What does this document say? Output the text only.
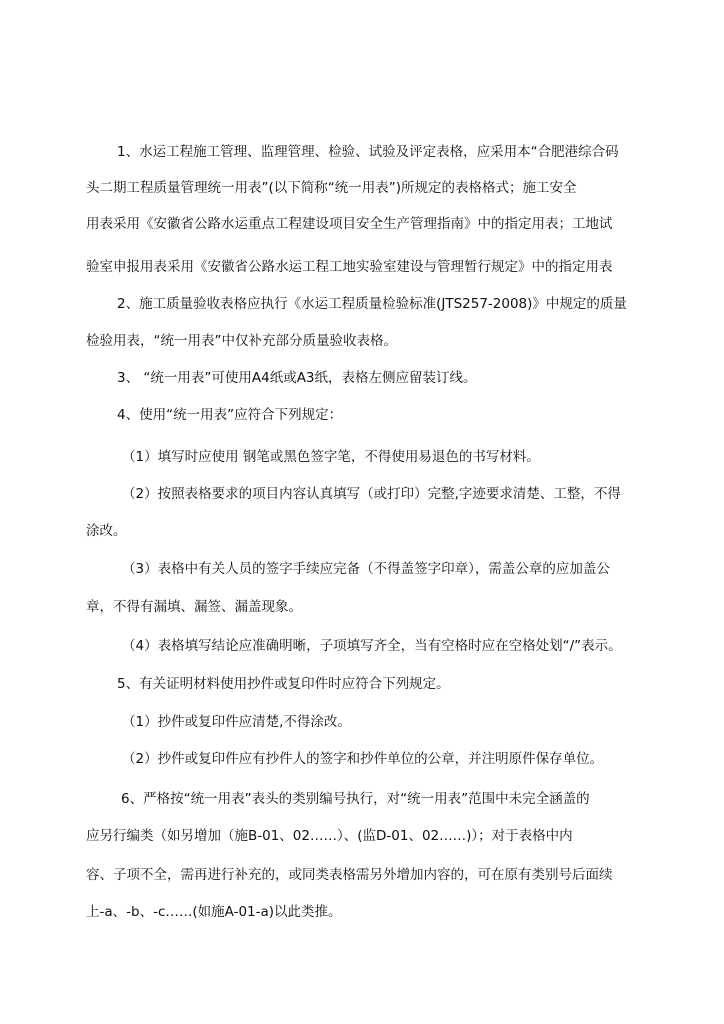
1、水运工程施工管理、监理管理、检验、试验及评定表格，应采用本“合肥港综合码
头二期工程质量管理统一用表”(以下简称“统一用表”)所规定的表格格式；施工安全
用表采用《安徽省公路水运重点工程建设项目安全生产管理指南》中的指定用表；工地试
验室申报用表采用《安徽省公路水运工程工地实验室建设与管理暂行规定》中的指定用表
2、施工质量验收表格应执行《水运工程质量检验标准(JTS257-2008)》中规定的质量
检验用表，“统一用表”中仅补充部分质量验收表格。
3、 “统一用表”可使用A4纸或A3纸，表格左侧应留装订线。
4、使用“统一用表”应符合下列规定：
（1）填写时应使用 钢笔或黑色签字笔，不得使用易退色的书写材料。
（2）按照表格要求的项目内容认真填写（或打印）完整,字迹要求清楚、工整，不得
涂改。
（3）表格中有关人员的签字手续应完备（不得盖签字印章），需盖公章的应加盖公
章，不得有漏填、漏签、漏盖现象。
（4）表格填写结论应准确明晰，子项填写齐全，当有空格时应在空格处划“/”表示。
5、有关证明材料使用抄件或复印件时应符合下列规定。
（1）抄件或复印件应清楚,不得涂改。
（2）抄件或复印件应有抄件人的签字和抄件单位的公章，并注明原件保存单位。
6、严格按“统一用表”表头的类别编号执行，对“统一用表”范围中未完全涵盖的
应另行编类（如另增加（施B-01、02……）、(监D-01、02……)）；对于表格中内
容、子项不全，需再进行补充的，或同类表格需另外增加内容的，可在原有类别号后面续
上-a、-b、-c……(如施A-01-a)以此类推。
